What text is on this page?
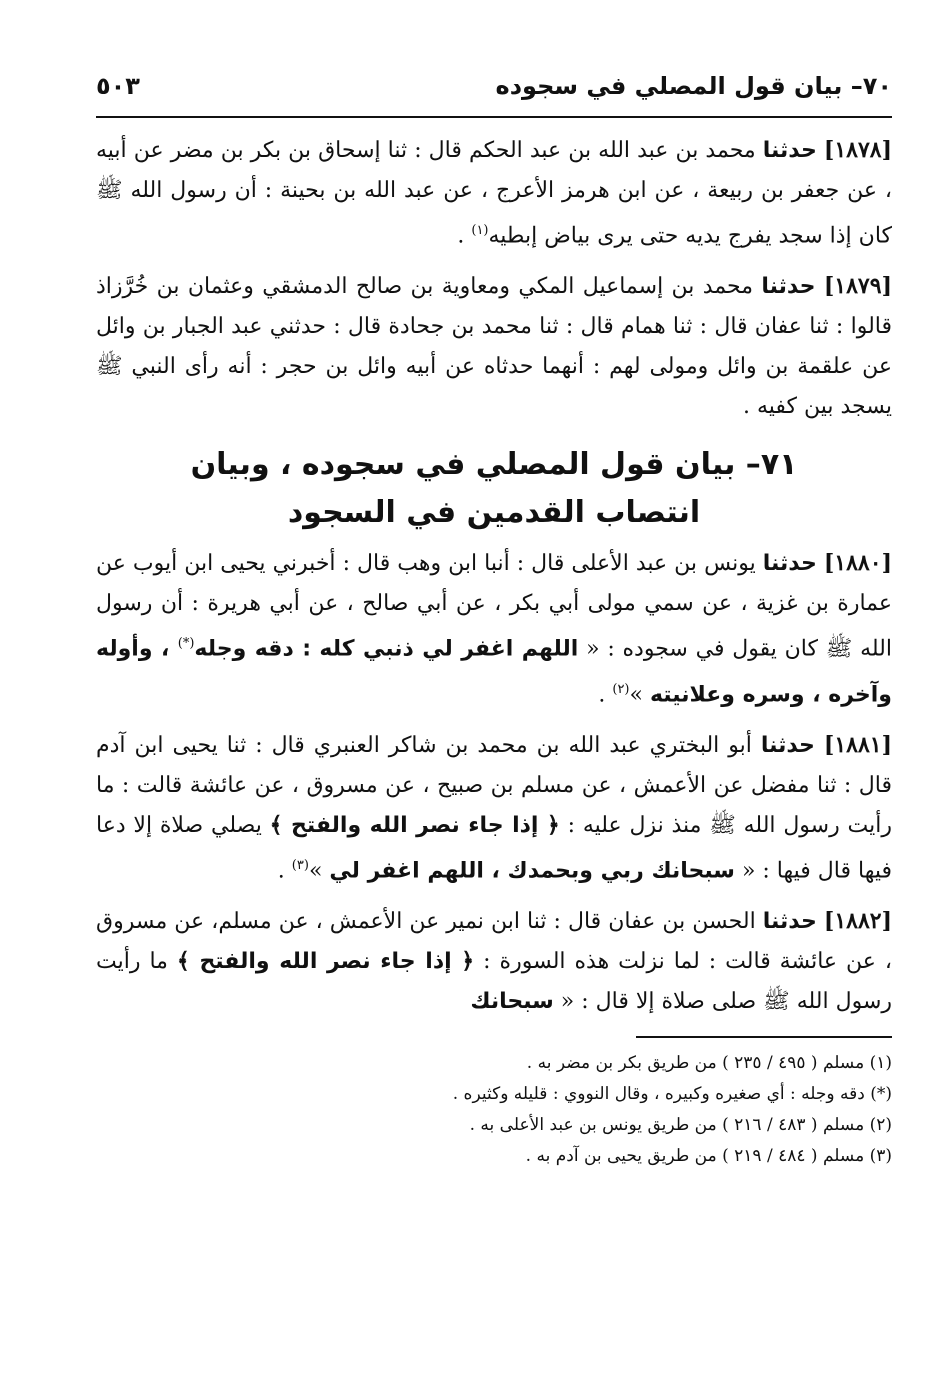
٧٠– بيان قول المصلي في سجوده
٥٠٣

[١٨٧٨] حدثنا محمد بن عبد الله بن عبد الحكم قال : ثنا إسحاق بن بكر بن مضر عن أبيه ، عن جعفر بن ربيعة ، عن ابن هرمز الأعرج ، عن عبد الله بن بحينة : أن رسول الله ﷺ كان إذا سجد يفرج يديه حتى يرى بياض إبطيه$^{(١)}$ .

[١٨٧٩] حدثنا محمد بن إسماعيل المكي ومعاوية بن صالح الدمشقي وعثمان بن خُرَّزاذ قالوا : ثنا عفان قال : ثنا همام قال : ثنا محمد بن جحادة قال : حدثني عبد الجبار بن وائل عن علقمة بن وائل ومولى لهم : أنهما حدثاه عن أبيه وائل بن حجر : أنه رأى النبي ﷺ يسجد بين كفيه .

٧١– بيان قول المصلي في سجوده ، وبيان
انتصاب القدمين في السجود

[١٨٨٠] حدثنا يونس بن عبد الأعلى قال : أنبا ابن وهب قال : أخبرني يحيى ابن أيوب عن عمارة بن غزية ، عن سمي مولى أبي بكر ، عن أبي صالح ، عن أبي هريرة : أن رسول الله ﷺ كان يقول في سجوده : « اللهم اغفر لي ذنبي كله : دقه وجله(*) ، وأوله وآخره ، وسره وعلانيته »$^{(٢)}$ .

[١٨٨١] حدثنا أبو البختري عبد الله بن محمد بن شاكر العنبري قال : ثنا يحيى ابن آدم قال : ثنا مفضل عن الأعمش ، عن مسلم بن صبيح ، عن مسروق ، عن عائشة قالت : ما رأيت رسول الله ﷺ منذ نزل عليه : ﴿ إذا جاء نصر الله والفتح ﴾ يصلي صلاة إلا دعا فيها قال فيها : « سبحانك ربي وبحمدك ، اللهم اغفر لي »$^{(٣)}$ .

[١٨٨٢] حدثنا الحسن بن عفان قال : ثنا ابن نمير عن الأعمش ، عن مسلم، عن مسروق ، عن عائشة قالت : لما نزلت هذه السورة : ﴿ إذا جاء نصر الله والفتح ﴾ ما رأيت رسول الله ﷺ صلى صلاة إلا قال : « سبحانك

(١) مسلم ( ٤٩٥ / ٢٣٥ ) من طريق بكر بن مضر به .
(*) دقه وجله : أي صغيره وكبيره ، وقال النووي : قليله وكثيره .
(٢) مسلم ( ٤٨٣ / ٢١٦ ) من طريق يونس بن عبد الأعلى به .
(٣) مسلم ( ٤٨٤ / ٢١٩ ) من طريق يحيى بن آدم به .
